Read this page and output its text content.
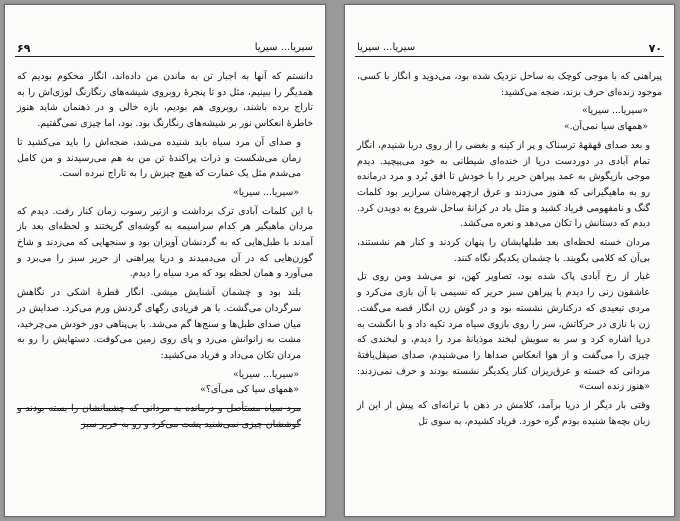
۶۹	سیریا... سیریا

دانستم که آنها به اجبار تن به ماندن من داده‌اند، انگار محکوم بودیم که همدیگر را ببینیم، مثل دو تا پنجرهٔ روبروی شیشه‌های رنگارنگ لوزی‌اش را به تاراج برده باشند، روبروی هم بودیم، بازه خالی و در ذهنمان شاید هنوز خاطرهٔ انعکاس نور بر شیشه‌های رنگارنگ بود. بود، اما چیزی نمی‌گفتیم.

و صدای آن مرد سیاه باید شنیده می‌شد، ضجه‌اش را باید می‌کشید تا زمان می‌شکست و ذرات پراکندهٔ تن من به هم می‌رسیدند و من کامل می‌شدم مثل یک عمارت که هیچ چیزش را به تاراج نبرده است.

«سیریا... سیریا»

با این کلمات آبادی ترک برداشت و ازتیر رسوب زمان کنار رفت. دیدم که مردان ماهیگیر هر کدام سراسیمه به گوشه‌ای گریختند و لحظه‌ای بعد باز آمدند با طبل‌هایی که به گردنشان آویزان بود و سنجهایی که می‌زدند و شاخ گوزن‌هایی که در آن می‌دمیدند و دریا پیراهنی از حریر سبز را می‌برد و می‌آورد و همان لحظه بود که مرد سیاه را دیدم.

بلند بود و چشمان آشنایش میشی. انگار قطرهٔ اشکی در نگاهش سرگردان می‌گشت. با هر فریادی رگهای گردنش ورم می‌کرد. صدایش در میان صدای طبل‌ها و سنج‌ها گم می‌شد. با بی‌پناهی دور خودش می‌چرخید، مشت به زانوانش می‌زد و پای روی زمین می‌کوفت. دستهایش را رو به مردان تکان می‌داد و فریاد می‌کشید:

«سیریا... سیریا»

«همهای سیا کی می‌آی؟»

مرد سیاه مستأصل و درمانده به مردانی که چشمانشان را بسته بودند و گوششان چیزی نمی‌شنید پشت می‌کرد و رو به حریر سبز

۷۰
سیریا... سیریا

پیراهنی که با موجی کوچک به ساحل نزدیک شده بود، می‌دوید و انگار با کسی، موجود زنده‌ای حرف بزند، ضجه می‌کشید:

«سیریا... سیریا»

«همهای سیا نمی‌آن.»

و بعد صدای قهقههٔ ترسناک و پر از کینه و بغضی را از روی دریا شنیدم، انگار تمام آبادی در دوردست دریا از خنده‌ای شیطانی به خود می‌پیچید. دیدم موجی بازیگوش به عمد پیراهن حریر را با خودش تا افق بُرد و مرد درمانده رو به ماهیگیرانی که هنوز می‌زدند و عرق ازچهره‌شان سرازیر بود کلمات گنگ و نامفهومی فریاد کشید و مثل باد در کرانهٔ ساحل شروع به دویدن کرد. دیدم که دستانش را تکان می‌دهد و نعره می‌کشد.

مردان خسته لحظه‌ای بعد طبلهایشان را پنهان کردند و کنار هم نشستند، بی‌آن که کلامی بگویند. با چشمان یکدیگر نگاه کنند.

غبار از رخ آبادی پاک شده بود، تصاویر کهن، نو می‌شد ومن روی تل عاشقون زنی را دیدم با پیراهن سبز حریر که نسیمی با آن بازی می‌کرد و مردی تبعیدی که درکنارش نشسته بود و در گوش زن انگار قصه می‌گفت. زن با نازی در حرکاتش، سر را روی بازوی سیاه مرد تکیه داد و با انگشت به دریا اشاره کرد و سر به سویش لبخند موذیانهٔ مرد را دیدم، و لبخندی که چیزی را می‌گفت و از هوا انعکاس صداها را می‌شنیدم، صدای صیقل‌یافتهٔ مردانی که خسته و عرق‌ریزان کنار یکدیگر نشسته بودند و حرف نمی‌زدند: «هنوز زنده است»

وقتی بار دیگر از دریا برآمد، کلامش در ذهن با ترانه‌ای که پیش از این از زبان بچه‌ها شنیده بودم گره خورد. فریاد کشیدم، به سوی تل
